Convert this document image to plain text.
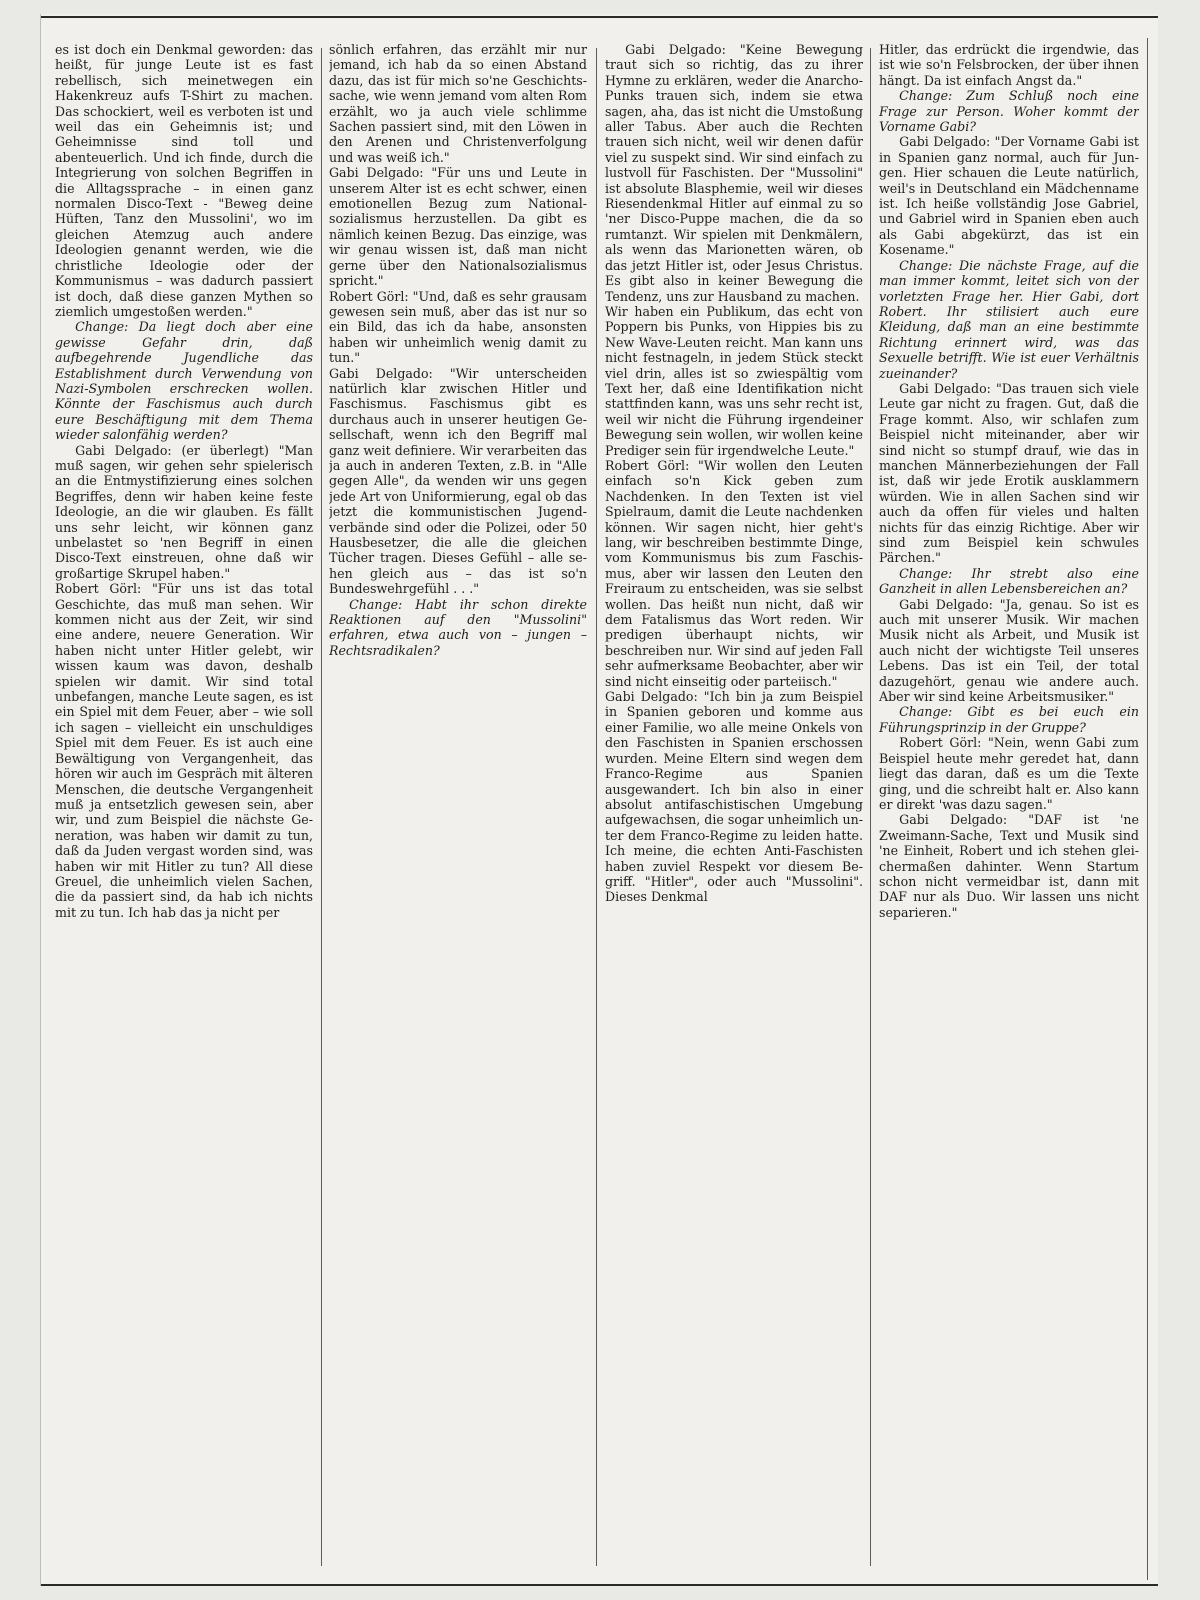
es ist doch ein Denkmal geworden: das heißt, für junge Leute ist es fast rebellisch, sich meinetwegen ein Hakenkreuz aufs T-Shirt zu machen. Das schockiert, weil es verboten ist und weil das ein Geheimnis ist; und Geheimnisse sind toll und abenteuerlich. Und ich finde, durch die Integrierung von solchen Begriffen in die Alltagssprache – in einen ganz normalen Disco-Text - "Beweg deine Hüften, Tanz den Mussolini', wo im gleichen Atemzug auch andere Ideologien genannt werden, wie die christliche Ideologie oder der Kommunismus – was dadurch passiert ist doch, daß diese ganzen Mythen so ziemlich umgestoßen werden."

Change: Da liegt doch aber eine gewisse Gefahr drin, daß aufbegehrende Jugendliche das Establishment durch Verwendung von Nazi-Symbolen erschrecken wollen. Könnte der Faschismus auch durch eure Beschäftigung mit dem Thema wieder salonfähig werden?

Gabi Delgado: (er überlegt) "Man muß sagen, wir gehen sehr spielerisch an die Entmystifizierung eines solchen Begriffes, denn wir haben keine feste Ideologie, an die wir glauben. Es fällt uns sehr leicht, wir können ganz unbelastet so 'nen Begriff in einen Disco-Text einstreuen, ohne daß wir großartige Skrupel haben."

Robert Görl: "Für uns ist das total Geschichte, das muß man sehen. Wir kommen nicht aus der Zeit, wir sind eine andere, neuere Generation. Wir haben nicht unter Hitler gelebt, wir wissen kaum was davon, deshalb spielen wir damit. Wir sind total unbefangen, manche Leute sagen, es ist ein Spiel mit dem Feuer, aber – wie soll ich sagen – vielleicht ein unschuldiges Spiel mit dem Feuer. Es ist auch eine Bewältigung von Vergangenheit, das hören wir auch im Gespräch mit älteren Menschen, die deutsche Vergangenheit muß ja entsetzlich gewesen sein, aber wir, und zum Beispiel die nächste Generation, was haben wir damit zu tun, daß da Juden vergast worden sind, was haben wir mit Hitler zu tun? All diese Greuel, die unheimlich vielen Sachen, die da passiert sind, da hab ich nichts mit zu tun. Ich hab das ja nicht per

sönlich erfahren, das erzählt mir nur jemand, ich hab da so einen Abstand dazu, das ist für mich so'ne Geschichtssache, wie wenn jemand vom alten Rom erzählt, wo ja auch viele schlimme Sachen passiert sind, mit den Löwen in den Arenen und Christenverfolgung und was weiß ich."

Gabi Delgado: "Für uns und Leute in unserem Alter ist es echt schwer, einen emotionellen Bezug zum Nationalsozialismus herzustellen. Da gibt es nämlich keinen Bezug. Das einzige, was wir genau wissen ist, daß man nicht gerne über den Nationalsozialismus spricht."

Robert Görl: "Und, daß es sehr grausam gewesen sein muß, aber das ist nur so ein Bild, das ich da habe, ansonsten haben wir unheimlich wenig damit zu tun."

Gabi Delgado: "Wir unterscheiden natürlich klar zwischen Hitler und Faschismus. Faschismus gibt es durchaus auch in unserer heutigen Gesellschaft, wenn ich den Begriff mal ganz weit definiere. Wir verarbeiten das ja auch in anderen Texten, z.B. in "Alle gegen Alle", da wenden wir uns gegen jede Art von Uniformierung, egal ob das jetzt die kommunistischen Jugendverbände sind oder die Polizei, oder 50 Hausbesetzer, die alle die gleichen Tücher tragen. Dieses Gefühl – alle sehen gleich aus – das ist so'n Bundeswehrgefühl . . ."

Change: Habt ihr schon direkte Reaktionen auf den "Mussolini" erfahren, etwa auch von – jungen – Rechtsradikalen?

Gabi Delgado: "Keine Bewegung traut sich so richtig, das zu ihrer Hymne zu erklären, weder die Anarcho-Punks trauen sich, indem sie etwa sagen, aha, das ist nicht die Umstoßung aller Tabus. Aber auch die Rechten trauen sich nicht, weil wir denen dafür viel zu suspekt sind. Wir sind einfach zu lustvoll für Faschisten. Der "Mussolini" ist absolute Blasphemie, weil wir dieses Riesendenkmal Hitler auf einmal zu so 'ner Disco-Puppe machen, die da so rumtanzt. Wir spielen mit Denkmälern, als wenn das Marionetten wären, ob das jetzt Hitler ist, oder Jesus Christus. Es gibt also in keiner Bewegung die Tendenz, uns zur Hausband zu machen.

Wir haben ein Publikum, das echt von Poppern bis Punks, von Hippies bis zu New Wave-Leuten reicht. Man kann uns nicht festnageln, in jedem Stück steckt viel drin, alles ist so zwiespältig vom Text her, daß eine Identifikation nicht stattfinden kann, was uns sehr recht ist, weil wir nicht die Führung irgendeiner Bewegung sein wollen, wir wollen keine Prediger sein für irgendwelche Leute."

Robert Görl: "Wir wollen den Leuten einfach so'n Kick geben zum Nachdenken. In den Texten ist viel Spielraum, damit die Leute nachdenken können. Wir sagen nicht, hier geht's lang, wir beschreiben bestimmte Dinge, vom Kommunismus bis zum Faschismus, aber wir lassen den Leuten den Freiraum zu entscheiden, was sie selbst wollen. Das heißt nun nicht, daß wir dem Fatalismus das Wort reden. Wir predigen überhaupt nichts, wir beschreiben nur. Wir sind auf jeden Fall sehr aufmerksame Beobachter, aber wir sind nicht einseitig oder parteiisch."

Gabi Delgado: "Ich bin ja zum Beispiel in Spanien geboren und komme aus einer Familie, wo alle meine Onkels von den Faschisten in Spanien erschossen wurden. Meine Eltern sind wegen dem Franco-Regime aus Spanien ausgewandert. Ich bin also in einer absolut antifaschistischen Umgebung aufgewachsen, die sogar unheimlich unter dem Franco-Regime zu leiden hatte. Ich meine, die echten Anti-Faschisten haben zuviel Respekt vor diesem Begriff. "Hitler", oder auch "Mussolini". Dieses Denkmal

Hitler, das erdrückt die irgendwie, das ist wie so'n Felsbrocken, der über ihnen hängt. Da ist einfach Angst da."

Change: Zum Schluß noch eine Frage zur Person. Woher kommt der Vorname Gabi?

Gabi Delgado: "Der Vorname Gabi ist in Spanien ganz normal, auch für Jungen. Hier schauen die Leute natürlich, weil's in Deutschland ein Mädchenname ist. Ich heiße vollständig Jose Gabriel, und Gabriel wird in Spanien eben auch als Gabi abgekürzt, das ist ein Kosename."

Change: Die nächste Frage, auf die man immer kommt, leitet sich von der vorletzten Frage her. Hier Gabi, dort Robert. Ihr stilisiert auch eure Kleidung, daß man an eine bestimmte Richtung erinnert wird, was das Sexuelle betrifft. Wie ist euer Verhältnis zueinander?

Gabi Delgado: "Das trauen sich viele Leute gar nicht zu fragen. Gut, daß die Frage kommt. Also, wir schlafen zum Beispiel nicht miteinander, aber wir sind nicht so stumpf drauf, wie das in manchen Männerbeziehungen der Fall ist, daß wir jede Erotik ausklammern würden. Wie in allen Sachen sind wir auch da offen für vieles und halten nichts für das einzig Richtige. Aber wir sind zum Beispiel kein schwules Pärchen."

Change: Ihr strebt also eine Ganzheit in allen Lebensbereichen an?

Gabi Delgado: "Ja, genau. So ist es auch mit unserer Musik. Wir machen Musik nicht als Arbeit, und Musik ist auch nicht der wichtigste Teil unseres Lebens. Das ist ein Teil, der total dazugehört, genau wie andere auch. Aber wir sind keine Arbeitsmusiker."

Change: Gibt es bei euch ein Führungsprinzip in der Gruppe?

Robert Görl: "Nein, wenn Gabi zum Beispiel heute mehr geredet hat, dann liegt das daran, daß es um die Texte ging, und die schreibt halt er. Also kann er direkt 'was dazu sagen."

Gabi Delgado: "DAF ist 'ne Zweimann-Sache, Text und Musik sind 'ne Einheit, Robert und ich stehen gleichermaßen dahinter. Wenn Startum schon nicht vermeidbar ist, dann mit DAF nur als Duo. Wir lassen uns nicht separieren."
